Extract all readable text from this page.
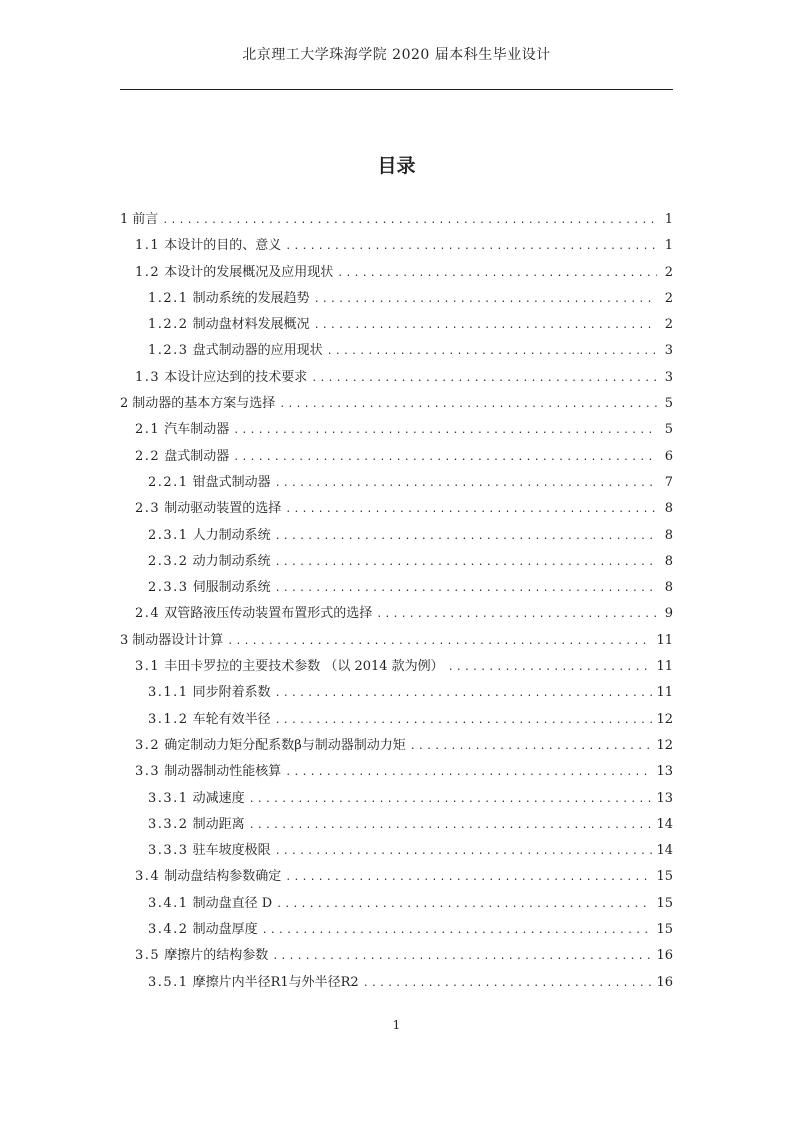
北京理工大学珠海学院 2020 届本科生毕业设计
目录
1 前言 .....	1
1.1 本设计的目的、意义 .....	1
1.2 本设计的发展概况及应用现状 .....	2
1.2.1 制动系统的发展趋势 .....	2
1.2.2 制动盘材料发展概况 .....	2
1.2.3 盘式制动器的应用现状 .....	3
1.3 本设计应达到的技术要求 .....	3
2 制动器的基本方案与选择 .....	5
2.1 汽车制动器 .....	5
2.2 盘式制动器 .....	6
2.2.1 钳盘式制动器 .....	7
2.3 制动驱动装置的选择 .....	8
2.3.1 人力制动系统 .....	8
2.3.2 动力制动系统 .....	8
2.3.3 伺服制动系统 .....	8
2.4 双管路液压传动装置布置形式的选择 .....	9
3 制动器设计计算 .....	11
3.1 丰田卡罗拉的主要技术参数 （以 2014 款为例） .....	11
3.1.1 同步附着系数 .....	11
3.1.2 车轮有效半径 .....	12
3.2 确定制动力矩分配系数β与制动器制动力矩 .....	12
3.3 制动器制动性能核算 .....	13
3.3.1 动减速度 .....	13
3.3.2 制动距离 .....	14
3.3.3 驻车坡度极限 .....	14
3.4 制动盘结构参数确定 .....	15
3.4.1 制动盘直径 D .....	15
3.4.2 制动盘厚度 .....	15
3.5 摩擦片的结构参数 .....	16
3.5.1 摩擦片内半径R1与外半径R2 .....	16
1
